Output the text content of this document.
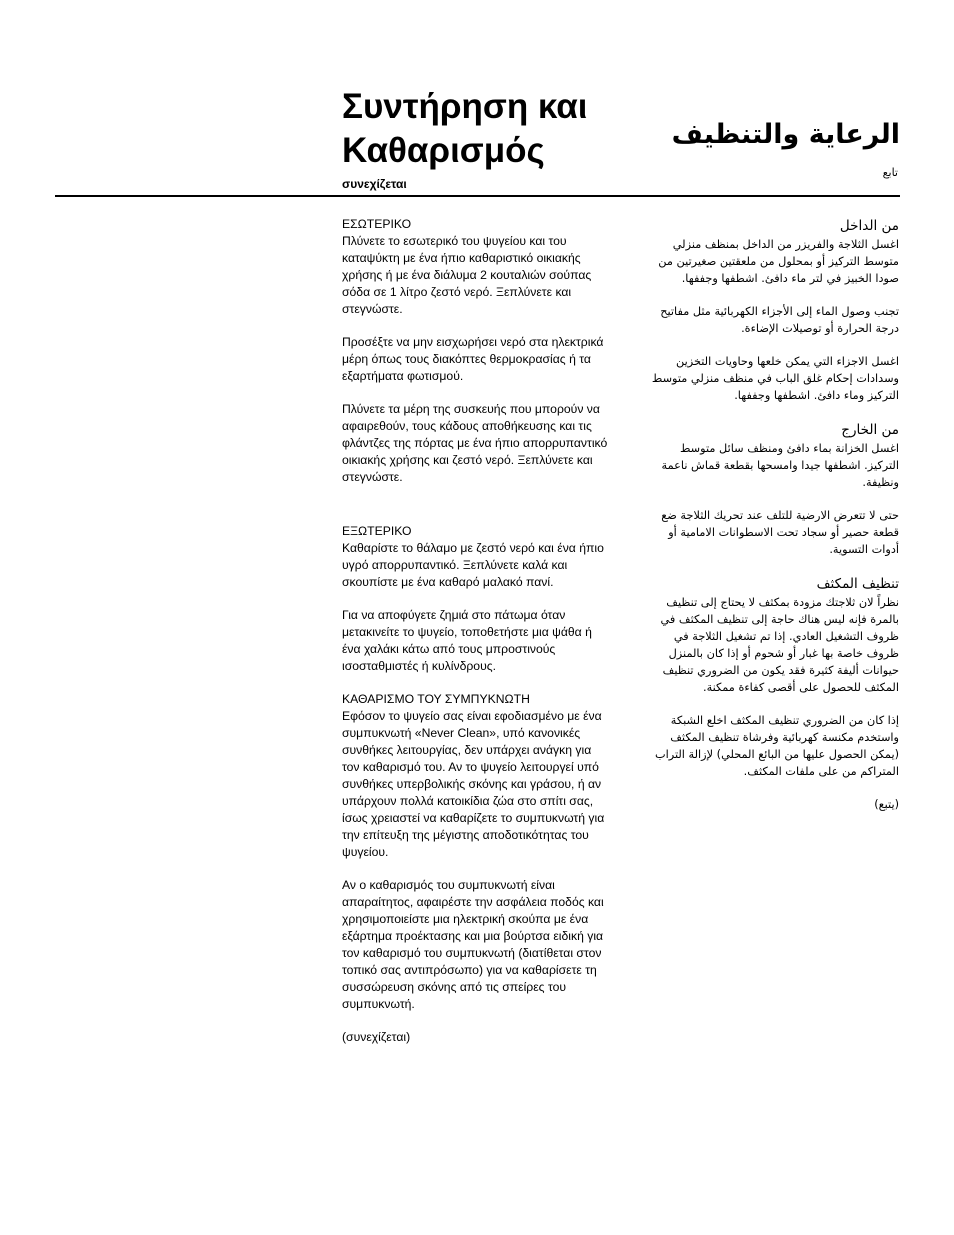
Συντήρηση και Καθαρισμός

συνεχίζεται

الرعاية والتنظيف

تابع

ΕΣΩΤΕΡΙΚΟ

Πλύνετε το εσωτερικό του ψυγείου και του καταψύκτη με ένα ήπιο καθαριστικό οικιακής χρήσης ή με ένα διάλυμα 2 κουταλιών σούπας σόδα σε 1 λίτρο ζεστό νερό. Ξεπλύνετε και στεγνώστε.

Προσέξτε να μην εισχωρήσει νερό στα ηλεκτρικά μέρη όπως τους διακόπτες θερμοκρασίας ή τα εξαρτήματα φωτισμού.

Πλύνετε τα μέρη της συσκευής που μπορούν να αφαιρεθούν, τους κάδους αποθήκευσης και τις φλάντζες της πόρτας με ένα ήπιο απορρυπαντικό οικιακής χρήσης και ζεστό νερό. Ξεπλύνετε και στεγνώστε.

ΕΞΩΤΕΡΙΚΟ

Καθαρίστε το θάλαμο με ζεστό νερό και ένα ήπιο υγρό απορρυπαντικό. Ξεπλύνετε καλά και σκουπίστε με ένα καθαρό μαλακό πανί.

Για να αποφύγετε ζημιά στο πάτωμα όταν μετακινείτε το ψυγείο, τοποθετήστε μια ψάθα ή ένα χαλάκι κάτω από τους μπροστινούς ισοσταθμιστές ή κυλίνδρους.

ΚΑΘΑΡΙΣΜΟ ΤΟΥ ΣΥΜΠΥΚΝΩΤΗ

Εφόσον το ψυγείο σας είναι εφοδιασμένο με ένα συμπυκνωτή «Never Clean», υπό κανονικές συνθήκες λειτουργίας, δεν υπάρχει ανάγκη για τον καθαρισμό του. Αν το ψυγείο λειτουργεί υπό συνθήκες υπερβολικής σκόνης και γράσου, ή αν υπάρχουν πολλά κατοικίδια ζώα στο σπίτι σας, ίσως χρειαστεί να καθαρίζετε το συμπυκνωτή για την επίτευξη της μέγιστης αποδοτικότητας του ψυγείου.

Αν ο καθαρισμός του συμπυκνωτή είναι απαραίτητος, αφαιρέστε την ασφάλεια ποδός και χρησιμοποιείστε μια ηλεκτρική σκούπα με ένα εξάρτημα προέκτασης και μια βούρτσα ειδική για τον καθαρισμό του συμπυκνωτή (διατίθεται στον τοπικό σας αντιπρόσωπο) για να καθαρίσετε τη συσσώρευση σκόνης από τις σπείρες του συμπυκνωτή.

(συνεχίζεται)

من الداخل

اغسل الثلاجة والفريزر من الداخل بمنظف منزلي متوسط التركيز أو بمحلول من ملعقتين صغيرتين من صودا الخبيز في لتر ماء دافئ. اشطفها وجففها.

تجنب وصول الماء إلى الأجزاء الكهربائية مثل مفاتيح درجة الحرارة أو توصيلات الإضاءة.

اغسل الاجزاء التي يمكن خلعها وحاويات التخزين وسدادات إحكام غلق الباب في منظف منزلي متوسط التركيز وماء دافئ. اشطفها وجففها.

من الخارج

اغسل الخزانة بماء دافئ ومنظف سائل متوسط التركيز. اشطفها جيدا وامسحها بقطعة قماش ناعمة ونظيفة.

حتى لا تتعرض الارضية للتلف عند تحريك الثلاجة ضع قطعة حصير أو سجاد تحت الاسطوانات الامامية أو أدوات التسوية.

تنظيف المكثف

نظراً لان ثلاجتك مزودة بمكثف لا يحتاج إلى تنظيف بالمرة فإنه ليس هناك حاجة إلى تنظيف المكثف في ظروف التشغيل العادي. إذا تم تشغيل الثلاجة في ظروف خاصة بها غبار أو شحوم أو إذا كان بالمنزل حيوانات أليفة كثيرة فقد يكون من الضروري تنظيف المكثف للحصول على أقصى كفاءة ممكنة.

إذا كان من الضروري تنظيف المكثف اخلع الشبكة واستخدم مكنسة كهربائية وفرشاة تنظيف المكثف (يمكن الحصول عليها من البائع المحلي) لإزالة التراب المتراكم من على ملفات المكثف.

(يتبع)
